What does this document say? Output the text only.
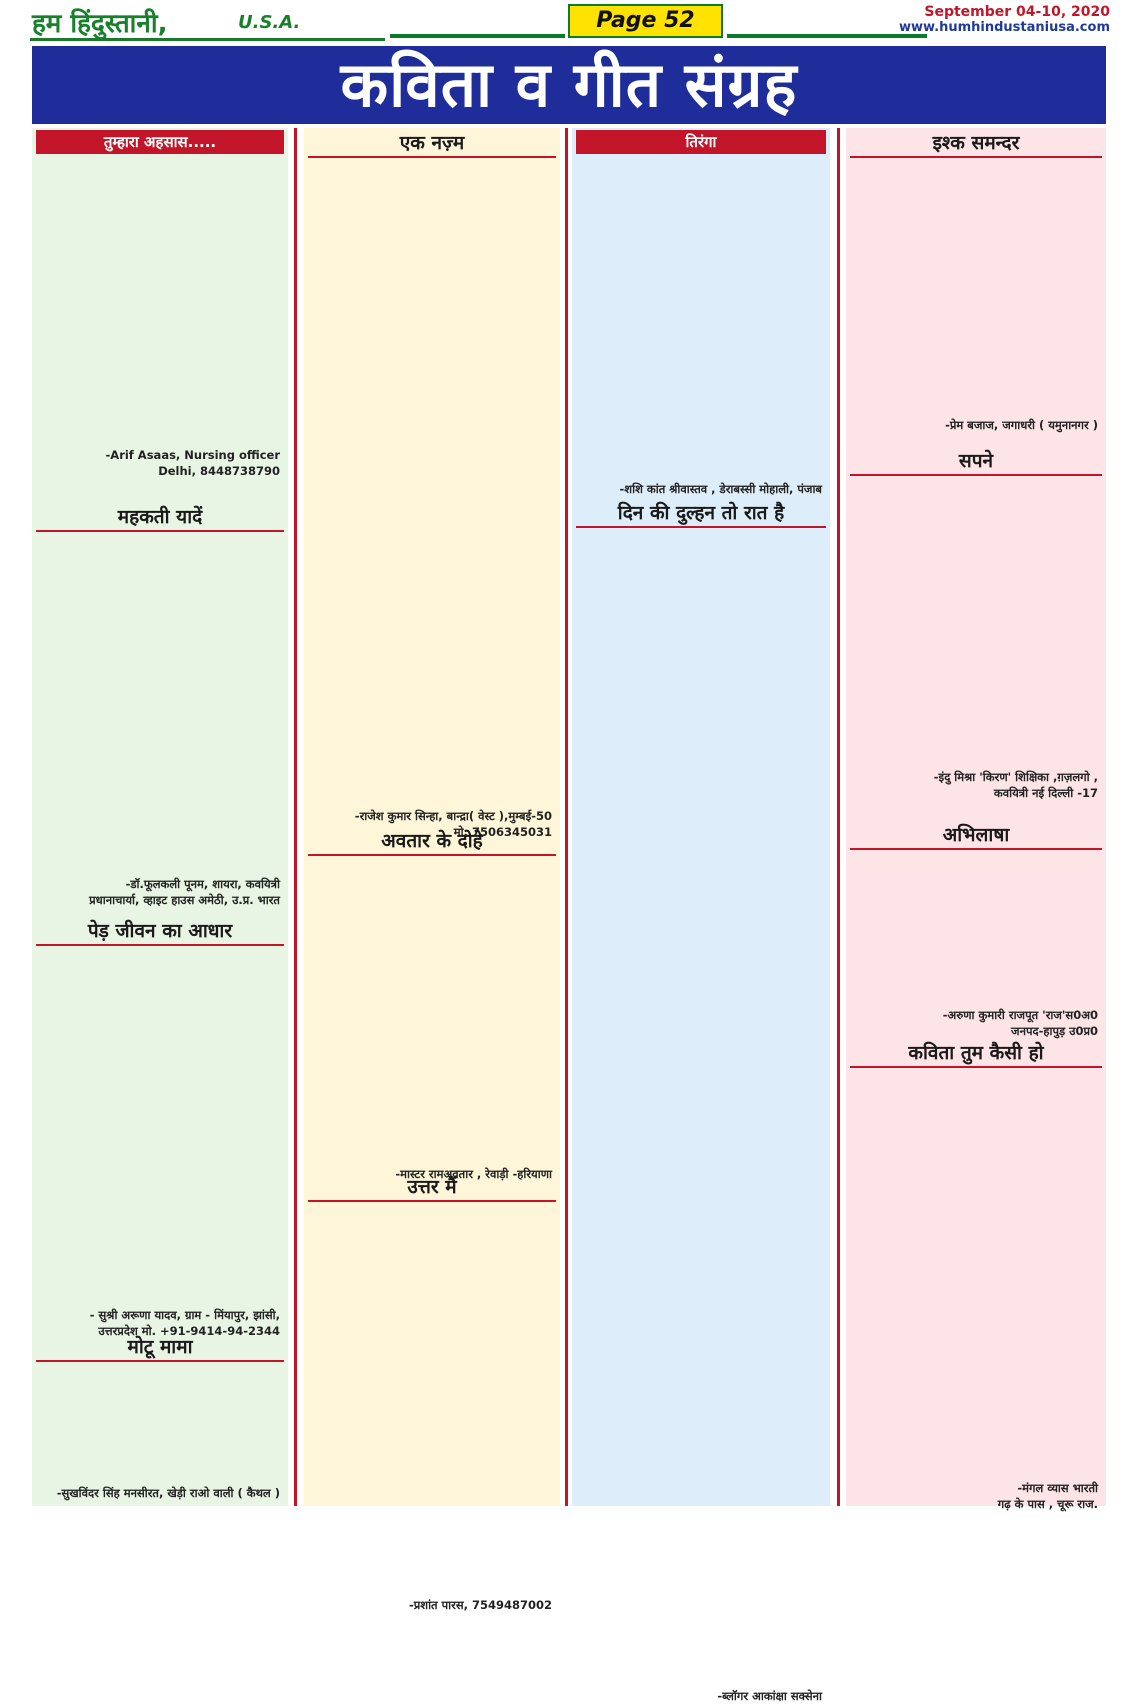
हम हिंदुस्तानी,	U.S.A.	Page 52	September 04-10, 2020
www.humhindustaniusa.com
कविता व गीत संग्रह
तुम्हारा अहसास.....

-Arif Asaas, Nursing officer
Delhi, 8448738790
महकती यादें

-डॉ.फूलकली पूनम, शायरा, कवयित्री
प्रधानाचार्या, व्हाइट हाउस अमेठी, उ.प्र. भारत
पेड़ जीवन का आधार

- सुश्री अरूणा यादव, ग्राम - मिंयापुर, झांसी,
उत्तरप्रदेश मो. +91-9414-94-2344
मोटू मामा

-सुखविंदर सिंह मनसीरत, खेड़ी राओ वाली ( कैथल )
एक नज़्म

-राजेश कुमार सिन्हा, बान्द्रा( वेस्ट ),मुम्बई-50
मो. 7506345031
अवतार के दोहे

-मास्टर रामअवतार , रेवाड़ी -हरियाणा
उत्तर मैं

-प्रशांत पारस, 7549487002
तिरंगा

-शशि कांत श्रीवास्तव , डेराबस्सी मोहाली, पंजाब
दिन की दुल्हन तो रात है

-ब्लॉगर आकांक्षा सक्सेना
इश्क समन्दर

-प्रेम बजाज, जगाधरी ( यमुनानगर )
सपने

-इंदु मिश्रा 'किरण' शिक्षिका ,ग़ज़लगो ,
कवयित्री नई दिल्ली -17
अभिलाषा

-अरुणा कुमारी राजपूत 'राज'स0अ0
जनपद-हापुड़ उ0प्र0
कविता तुम कैसी हो

-मंगल व्यास भारती
गढ़ के पास , चूरू राज.
